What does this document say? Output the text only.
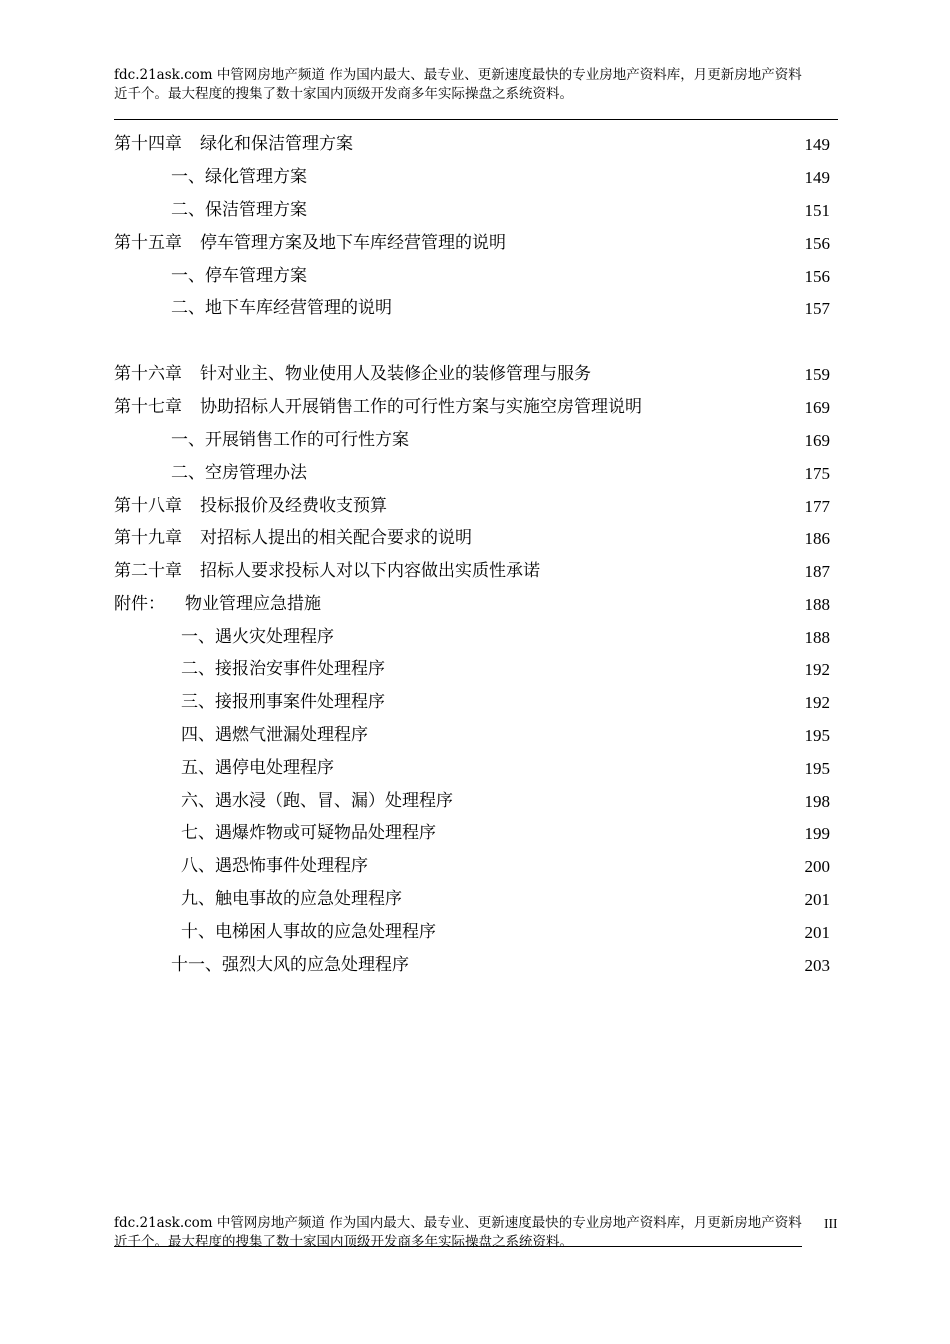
fdc.21ask.com 中管网房地产频道 作为国内最大、最专业、更新速度最快的专业房地产资料库，月更新房地产资料
近千个。最大程度的搜集了数十家国内顶级开发商多年实际操盘之系统资料。
第十四章 绿化和保洁管理方案	149
一、绿化管理方案	149
二、保洁管理方案	151
第十五章 停车管理方案及地下车库经营管理的说明	156
一、停车管理方案	156
二、地下车库经营管理的说明	157
第十六章 针对业主、物业使用人及装修企业的装修管理与服务	159
第十七章 协助招标人开展销售工作的可行性方案与实施空房管理说明	169
一、开展销售工作的可行性方案	169
二、空房管理办法	175
第十八章 投标报价及经费收支预算	177
第十九章 对招标人提出的相关配合要求的说明	186
第二十章 招标人要求投标人对以下内容做出实质性承诺	187
附件： 物业管理应急措施	188
一、遇火灾处理程序	188
二、接报治安事件处理程序	192
三、接报刑事案件处理程序	192
四、遇燃气泄漏处理程序	195
五、遇停电处理程序	195
六、遇水浸（跑、冒、漏）处理程序	198
七、遇爆炸物或可疑物品处理程序	199
八、遇恐怖事件处理程序	200
九、触电事故的应急处理程序	201
十、电梯困人事故的应急处理程序	201
十一、强烈大风的应急处理程序	203
fdc.21ask.com 中管网房地产频道 作为国内最大、最专业、更新速度最快的专业房地产资料库，月更新房地产资料
近千个。最大程度的搜集了数十家国内顶级开发商多年实际操盘之系统资料。
III
